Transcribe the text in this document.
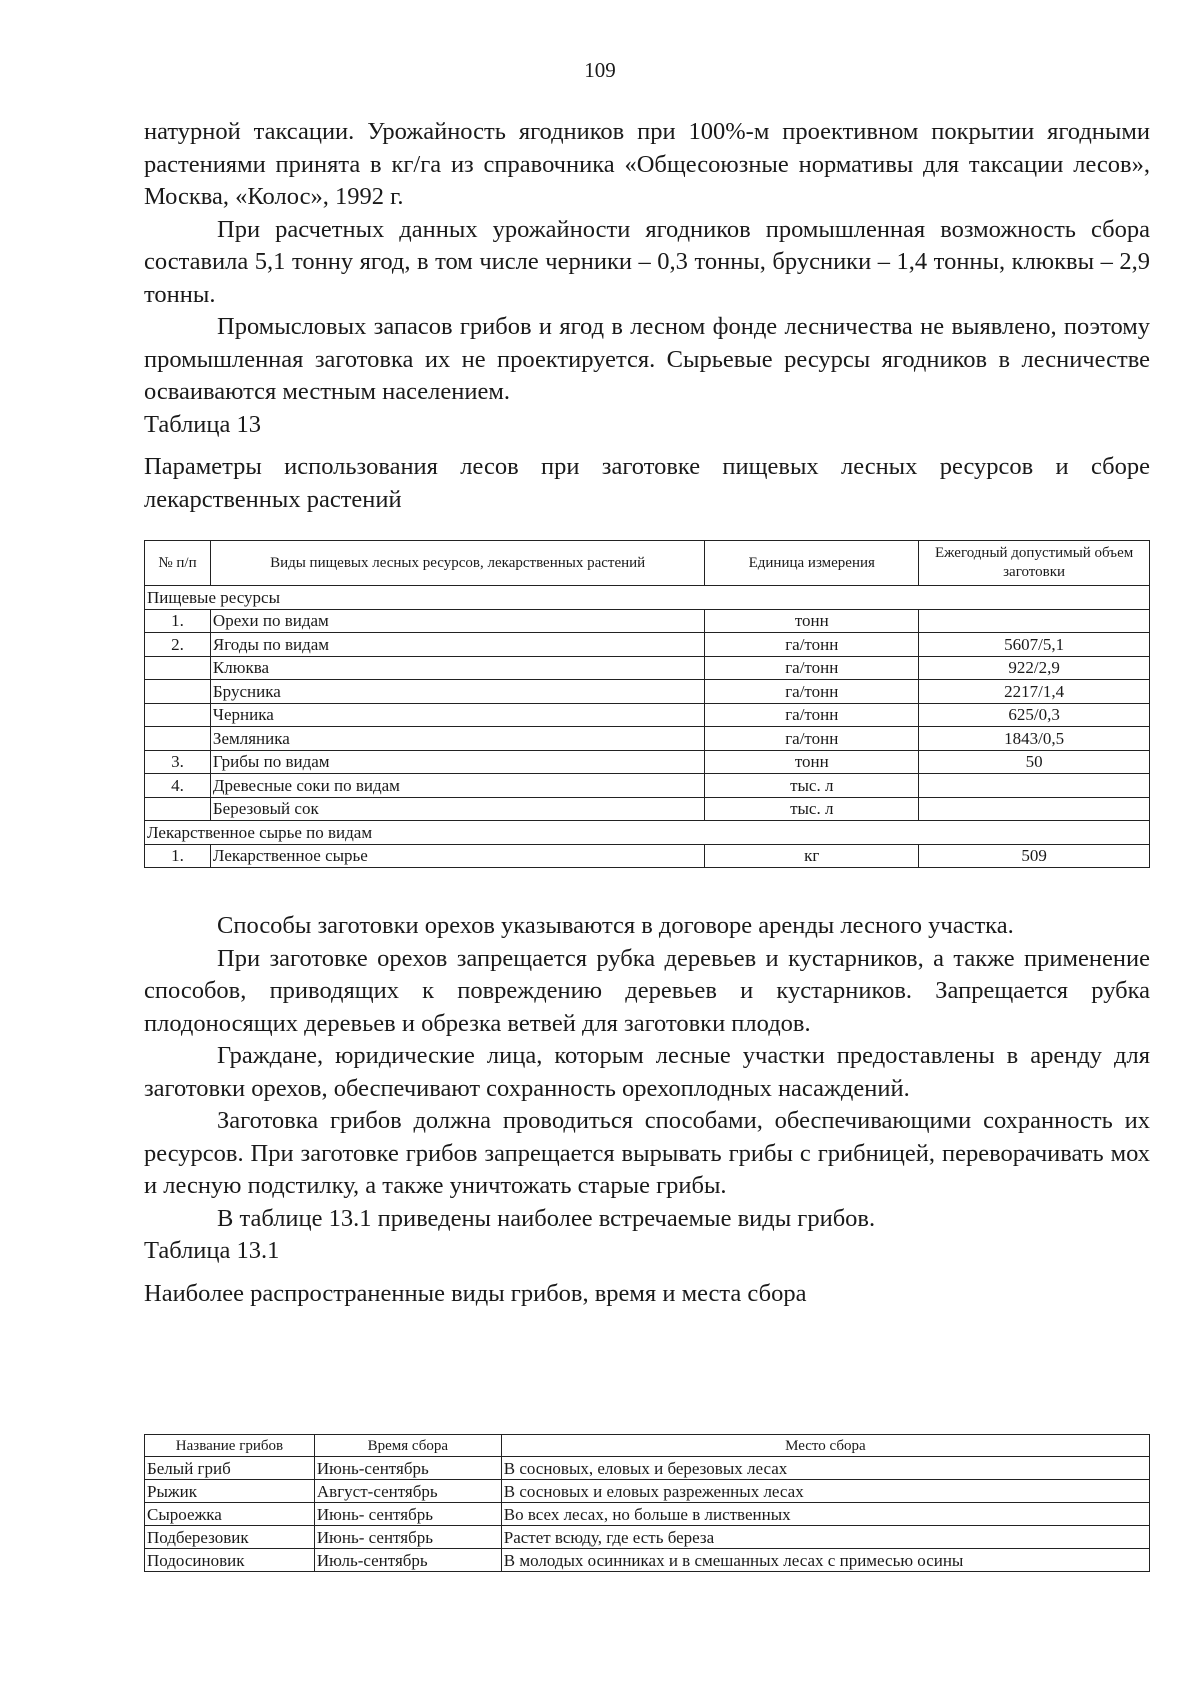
109

натурной таксации. Урожайность ягодников при 100%-м проективном покрытии ягодными растениями принята в кг/га из справочника «Общесоюзные нормативы для таксации лесов», Москва, «Колос», 1992 г.

При расчетных данных урожайности ягодников промышленная возможность сбора составила 5,1 тонну ягод, в том числе черники – 0,3 тонны, брусники – 1,4 тонны, клюквы – 2,9 тонны.

Промысловых запасов грибов и ягод в лесном фонде лесничества не выявлено, поэтому промышленная заготовка их не проектируется. Сырьевые ресурсы ягодников в лесничестве осваиваются местным населением.

Таблица 13

Параметры использования лесов при заготовке пищевых лесных ресурсов и сборе лекарственных растений

№ п/п	Виды пищевых лесных ресурсов, лекарственных растений	Единица измерения	Ежегодный допустимый объем заготовки
Пищевые ресурсы			
1.	Орехи по видам	тонн	
2.	Ягоды по видам	га/тонн	5607/5,1
	Клюква	га/тонн	922/2,9
	Брусника	га/тонн	2217/1,4
	Черника	га/тонн	625/0,3
	Земляника	га/тонн	1843/0,5
3.	Грибы по видам	тонн	50
4.	Древесные соки по видам	тыс. л	
	Березовый сок	тыс. л	
Лекарственное сырье по видам			
1.	Лекарственное сырье	кг	509

Способы заготовки орехов указываются в договоре аренды лесного участка.

При заготовке орехов запрещается рубка деревьев и кустарников, а также применение способов, приводящих к повреждению деревьев и кустарников. Запрещается рубка плодоносящих деревьев и обрезка ветвей для заготовки плодов.

Граждане, юридические лица, которым лесные участки предоставлены в аренду для заготовки орехов, обеспечивают сохранность орехоплодных насаждений.

Заготовка грибов должна проводиться способами, обеспечивающими сохранность их ресурсов. При заготовке грибов запрещается вырывать грибы с грибницей, переворачивать мох и лесную подстилку, а также уничтожать старые грибы.

В таблице 13.1 приведены наиболее встречаемые виды грибов.

Таблица 13.1

Наиболее распространенные виды грибов, время и места сбора

Название грибов	Время сбора	Место сбора
Белый гриб	Июнь-сентябрь	В сосновых, еловых и березовых лесах
Рыжик	Август-сентябрь	В сосновых и еловых разреженных лесах
Сыроежка	Июнь- сентябрь	Во всех лесах, но больше в лиственных
Подберезовик	Июнь- сентябрь	Растет всюду, где есть береза
Подосиновик	Июль-сентябрь	В молодых осинниках и в смешанных лесах с примесью осины
